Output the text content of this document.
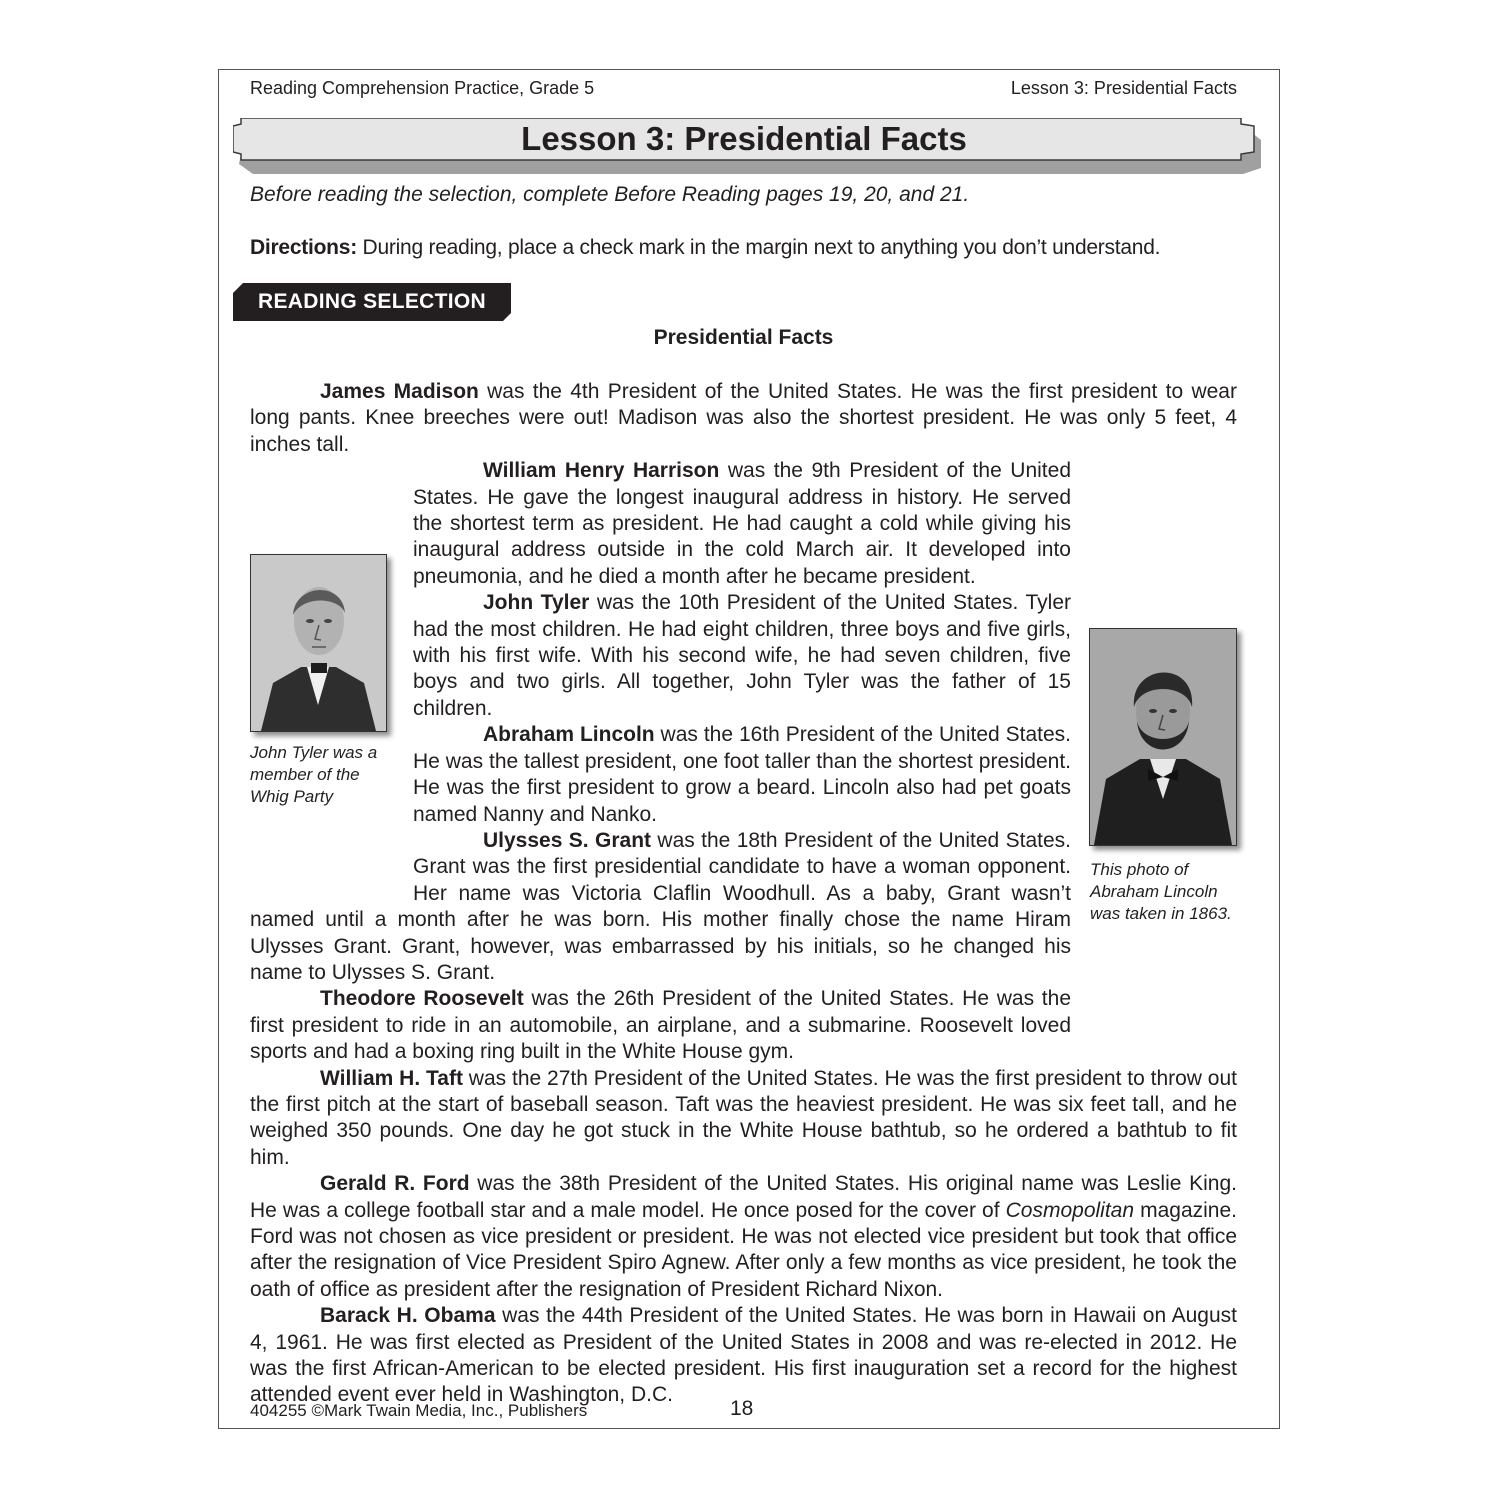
Reading Comprehension Practice, Grade 5	Lesson 3: Presidential Facts
Lesson 3: Presidential Facts
Before reading the selection, complete Before Reading pages 19, 20, and 21.
Directions: During reading, place a check mark in the margin next to anything you don’t understand.
READING SELECTION
Presidential Facts

James Madison was the 4th President of the United States. He was the first president to wear long pants. Knee breeches were out! Madison was also the shortest president. He was only 5 feet, 4 inches tall.

William Henry Harrison was the 9th President of the United States. He gave the longest inaugural address in history. He served the shortest term as president. He had caught a cold while giving his inaugural address outside in the cold March air. It developed into pneumonia, and he died a month after he became president.

John Tyler was the 10th President of the United States. Tyler had the most children. He had eight children, three boys and five girls, with his first wife. With his second wife, he had seven children, five boys and two girls. All together, John Tyler was the father of 15 children.

Abraham Lincoln was the 16th President of the United States. He was the tallest president, one foot taller than the shortest president. He was the first president to grow a beard. Lincoln also had pet goats named Nanny and Nanko.

Ulysses S. Grant was the 18th President of the United States. Grant was the first presidential candidate to have a woman opponent. Her name was Victoria Claflin Woodhull. As a baby, Grant wasn’t named until a month after he was born. His mother finally chose the name Hiram Ulysses Grant. Grant, however, was embarrassed by his initials, so he changed his name to Ulysses S. Grant.

Theodore Roosevelt was the 26th President of the United States. He was the first president to ride in an automobile, an airplane, and a submarine. Roosevelt loved sports and had a boxing ring built in the White House gym.

William H. Taft was the 27th President of the United States. He was the first president to throw out the first pitch at the start of baseball season. Taft was the heaviest president. He was six feet tall, and he weighed 350 pounds. One day he got stuck in the White House bathtub, so he ordered a bathtub to fit him.

Gerald R. Ford was the 38th President of the United States. His original name was Leslie King. He was a college football star and a male model. He once posed for the cover of Cosmopolitan magazine. Ford was not chosen as vice president or president. He was not elected vice president but took that office after the resignation of Vice President Spiro Agnew. After only a few months as vice president, he took the oath of office as president after the resignation of President Richard Nixon.

Barack H. Obama was the 44th President of the United States. He was born in Hawaii on August 4, 1961. He was first elected as President of the United States in 2008 and was re-elected in 2012. He was the first African-American to be elected president. His first inauguration set a record for the highest attended event ever held in Washington, D.C.

John Tyler was a member of the Whig Party
This photo of Abraham Lincoln was taken in 1863.
404255 ©Mark Twain Media, Inc., Publishers	18
